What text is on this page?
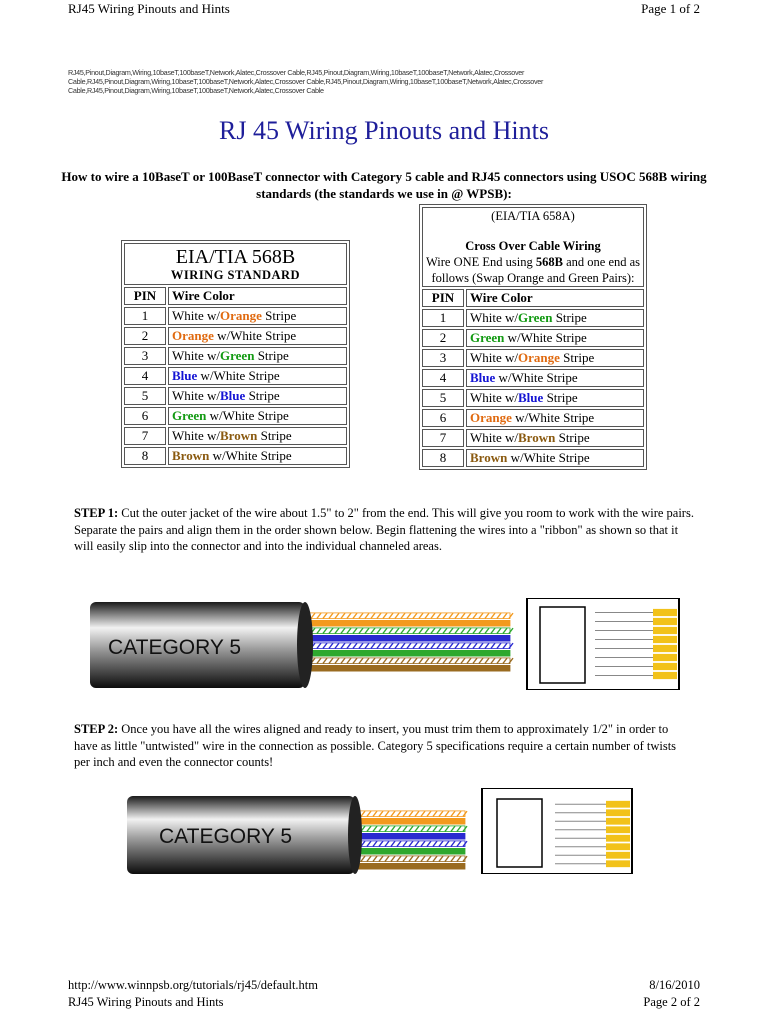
RJ45 Wiring Pinouts and Hints	Page 1 of 2
RJ45,Pinout,Diagram,Wiring,10baseT,100baseT,Network,Alatec,Crossover Cable,RJ45,Pinout,Diagram,Wiring,10baseT,100baseT,Network,Alatec,Crossover Cable,RJ45,Pinout,Diagram,Wiring,10baseT,100baseT,Network,Alatec,Crossover Cable,RJ45,Pinout,Diagram,Wiring,10baseT,100baseT,Network,Alatec,Crossover Cable,RJ45,Pinout,Diagram,Wiring,10baseT,100baseT,Network,Alatec,Crossover Cable
RJ 45 Wiring Pinouts and Hints
How to wire a 10BaseT or 100BaseT connector with Category 5 cable and RJ45 connectors using USOC 568B wiring standards (the standards we use in @ WPSB):
EIA/TIA 568B
WIRING STANDARD	

PIN	Wire Color
1	White w/Orange Stripe
2	Orange w/White Stripe
3	White w/Green Stripe
4	Blue w/White Stripe
5	White w/Blue Stripe
6	Green w/White Stripe
7	White w/Brown Stripe
8	Brown w/White Stripe
(EIA/TIA 658A)
Cross Over Cable Wiring
Wire ONE End using 568B and one end as follows (Swap Orange and Green Pairs):	

PIN	Wire Color
1	White w/Green Stripe
2	Green w/White Stripe
3	White w/Orange Stripe
4	Blue w/White Stripe
5	White w/Blue Stripe
6	Orange w/White Stripe
7	White w/Brown Stripe
8	Brown w/White Stripe
STEP 1: Cut the outer jacket of the wire about 1.5" to 2" from the end. This will give you room to work with the wire pairs. Separate the pairs and align them in the order shown below. Begin flattening the wires into a "ribbon" as shown so that it will easily slip into the connector and into the individual channeled areas.
CATEGORY 5
STEP 2: Once you have all the wires aligned and ready to insert, you must trim them to approximately 1/2" in order to have as little "untwisted" wire in the connection as possible. Category 5 specifications require a certain number of twists per inch and even the connector counts!
CATEGORY 5
http://www.winnpsb.org/tutorials/rj45/default.htm	8/16/2010
RJ45 Wiring Pinouts and Hints	Page 2 of 2
